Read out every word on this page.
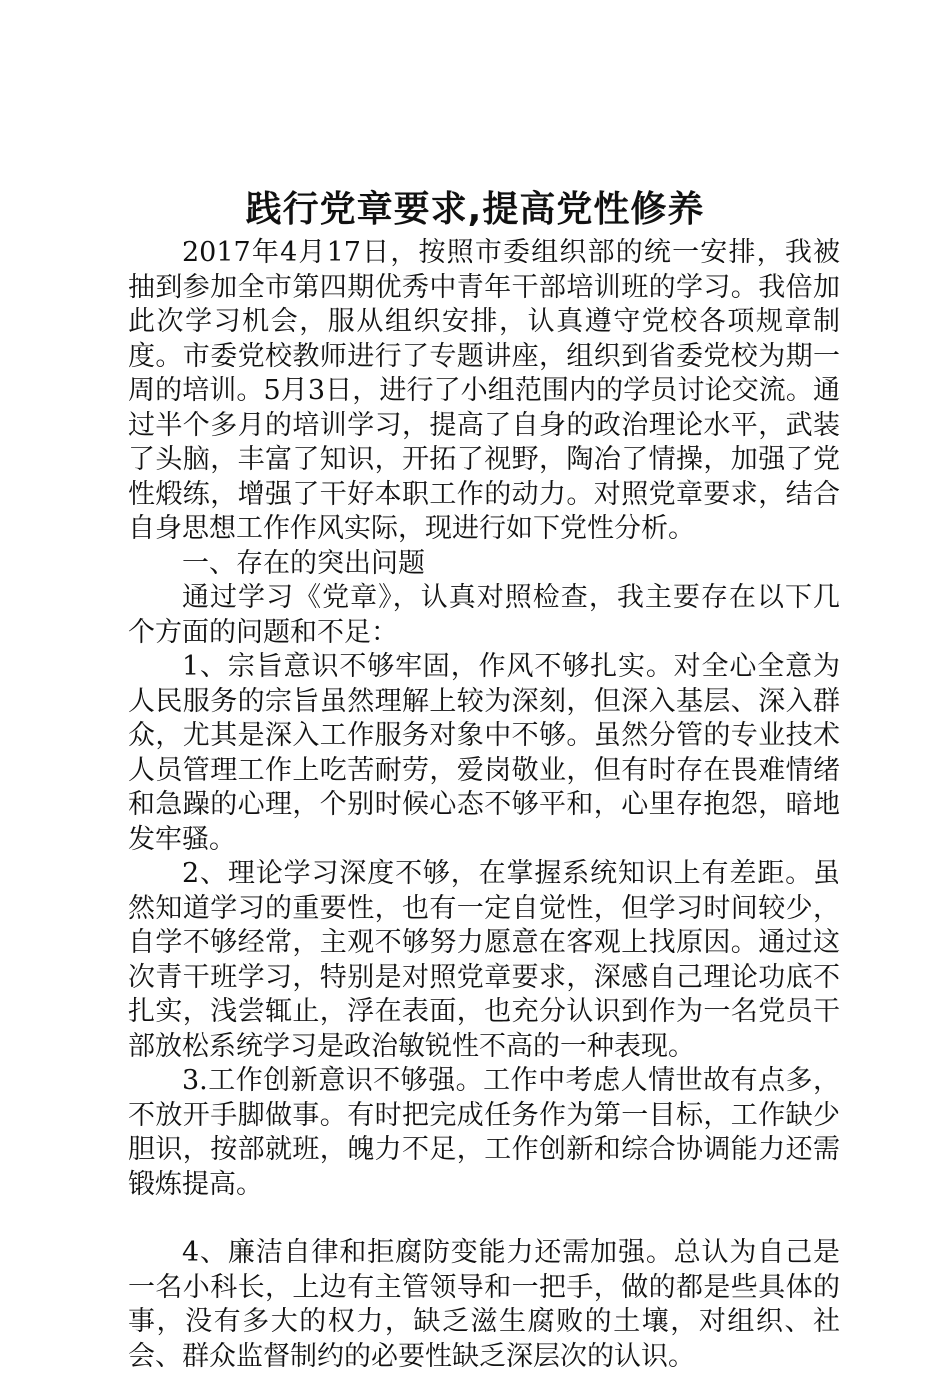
践行党章要求,提高党性修养

2017年4月17日，按照市委组织部的统一安排，我被抽到参加全市第四期优秀中青年干部培训班的学习。我倍加此次学习机会，服从组织安排，认真遵守党校各项规章制度。市委党校教师进行了专题讲座，组织到省委党校为期一周的培训。5月3日，进行了小组范围内的学员讨论交流。通过半个多月的培训学习，提高了自身的政治理论水平，武装了头脑，丰富了知识，开拓了视野，陶冶了情操，加强了党性煅练，增强了干好本职工作的动力。对照党章要求，结合自身思想工作作风实际，现进行如下党性分析。

一、存在的突出问题

通过学习《党章》，认真对照检查，我主要存在以下几个方面的问题和不足：

1、宗旨意识不够牢固，作风不够扎实。对全心全意为人民服务的宗旨虽然理解上较为深刻，但深入基层、深入群众，尤其是深入工作服务对象中不够。虽然分管的专业技术人员管理工作上吃苦耐劳，爱岗敬业，但有时存在畏难情绪和急躁的心理，个别时候心态不够平和，心里存抱怨，暗地发牢骚。

2、理论学习深度不够，在掌握系统知识上有差距。虽然知道学习的重要性，也有一定自觉性，但学习时间较少，自学不够经常，主观不够努力愿意在客观上找原因。通过这次青干班学习，特别是对照党章要求，深感自己理论功底不扎实，浅尝辄止，浮在表面，也充分认识到作为一名党员干部放松系统学习是政治敏锐性不高的一种表现。

3.工作创新意识不够强。工作中考虑人情世故有点多，不放开手脚做事。有时把完成任务作为第一目标，工作缺少胆识，按部就班，魄力不足，工作创新和综合协调能力还需锻炼提高。

4、廉洁自律和拒腐防变能力还需加强。总认为自己是一名小科长，上边有主管领导和一把手，做的都是些具体的事，没有多大的权力，缺乏滋生腐败的土壤，对组织、社会、群众监督制约的必要性缺乏深层次的认识。
